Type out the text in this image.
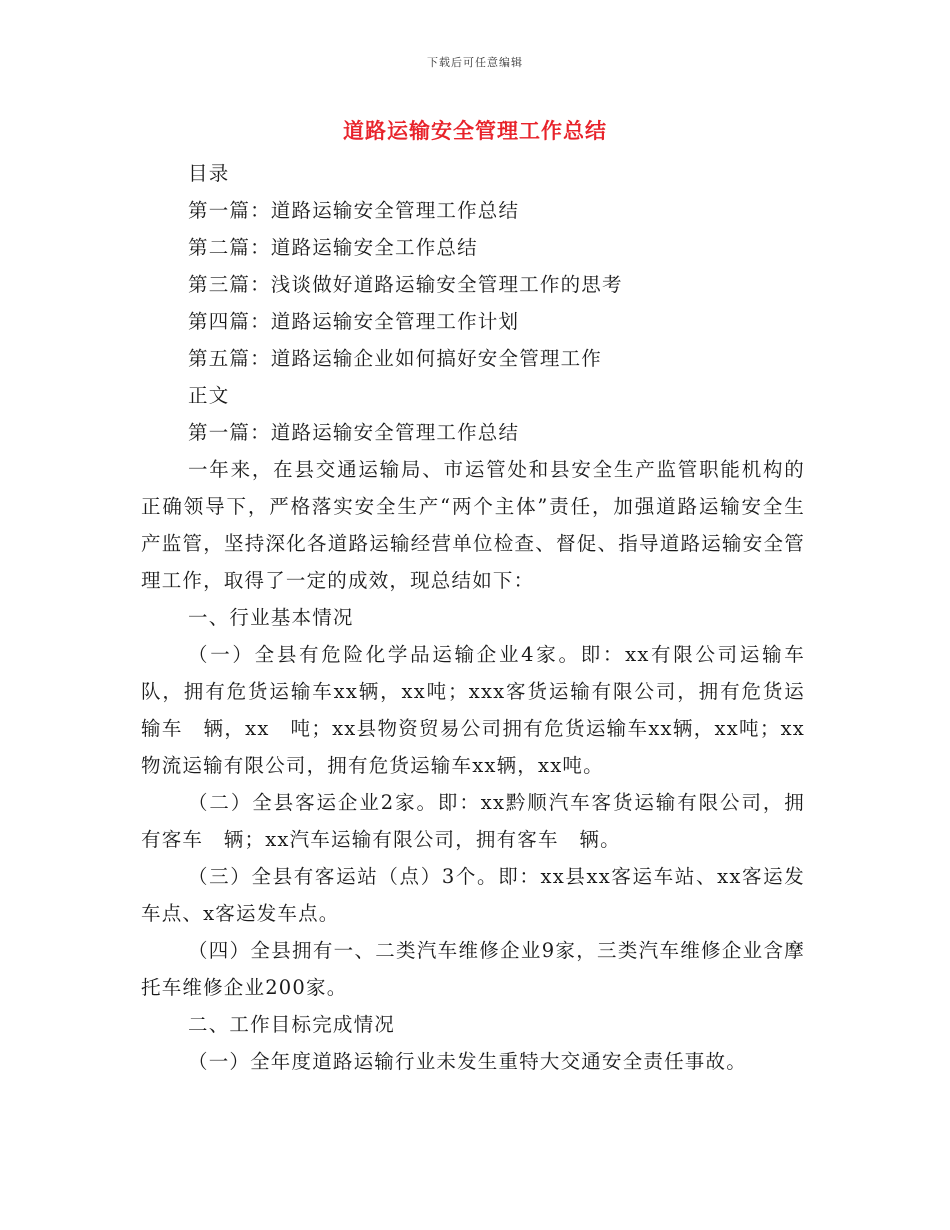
下载后可任意编辑
道路运输安全管理工作总结

目录

第一篇：道路运输安全管理工作总结

第二篇：道路运输安全工作总结

第三篇：浅谈做好道路运输安全管理工作的思考

第四篇：道路运输安全管理工作计划

第五篇：道路运输企业如何搞好安全管理工作

正文

第一篇：道路运输安全管理工作总结

一年来，在县交通运输局、市运管处和县安全生产监管职能机构的正确领导下，严格落实安全生产“两个主体”责任，加强道路运输安全生产监管，坚持深化各道路运输经营单位检查、督促、指导道路运输安全管理工作，取得了一定的成效，现总结如下：

一、行业基本情况

（一）全县有危险化学品运输企业4家。即：xx有限公司运输车队，拥有危货运输车xx辆，xx吨；xxx客货运输有限公司，拥有危货运输车　辆，xx　吨；xx县物资贸易公司拥有危货运输车xx辆，xx吨；xx物流运输有限公司，拥有危货运输车xx辆，xx吨。

（二）全县客运企业2家。即：xx黔顺汽车客货运输有限公司，拥有客车　辆；xx汽车运输有限公司，拥有客车　辆。

（三）全县有客运站（点）3个。即：xx县xx客运车站、xx客运发车点、x客运发车点。

（四）全县拥有一、二类汽车维修企业9家，三类汽车维修企业含摩托车维修企业200家。

二、工作目标完成情况

（一）全年度道路运输行业未发生重特大交通安全责任事故。
